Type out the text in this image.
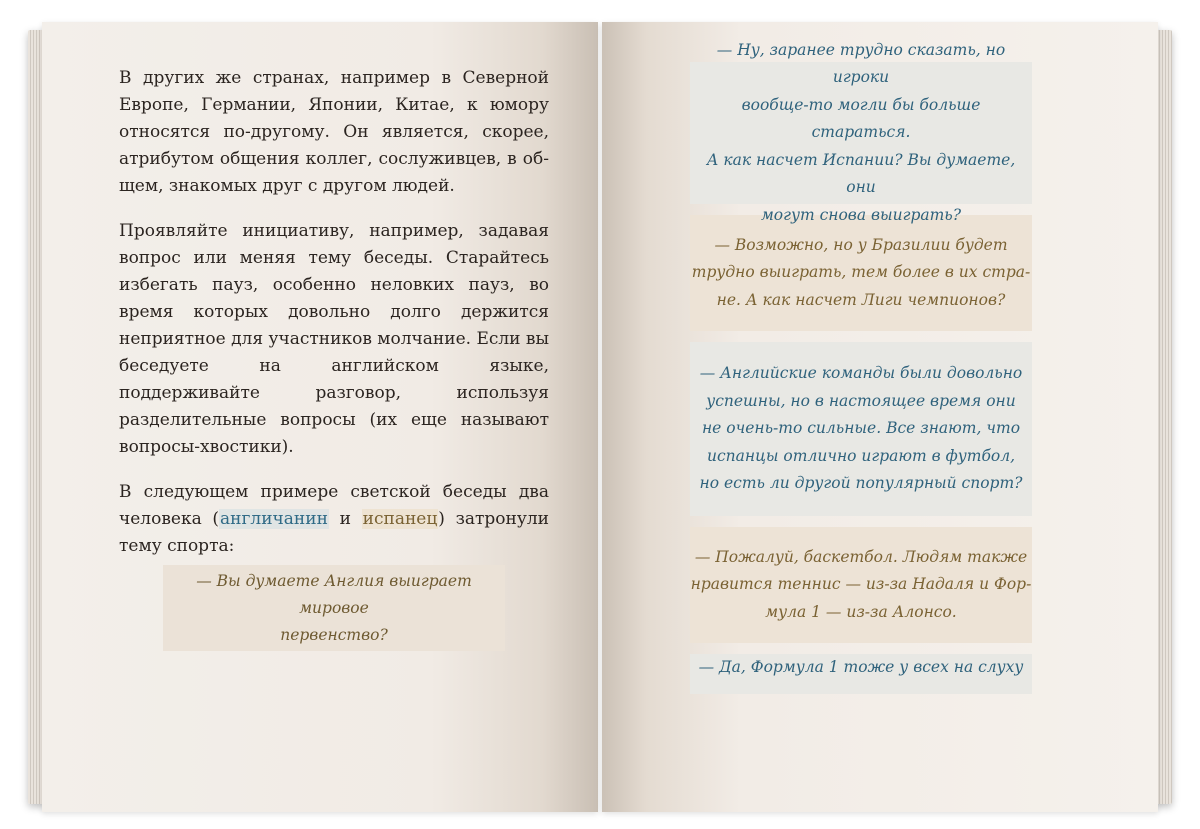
В других же странах, например в Северной Европе, Германии, Японии, Китае, к юмору относятся по-другому. Он является, скорее, атрибутом общения коллег, сослуживцев, в общем, знакомых друг с другом людей.

Проявляйте инициативу, например, задавая вопрос или меняя тему беседы. Старайтесь избегать пауз, особенно неловких пауз, во время которых довольно долго держится неприятное для участников молчание. Если вы беседуете на английском языке, поддерживайте разговор, используя разделительные вопросы (их еще называют вопросы-хвостики).

В следующем примере светской беседы два человека (англичанин и испанец) затронули тему спорта:

— Вы думаете Англия выиграет мировое
первенство?
— Ну, заранее трудно сказать, но игроки
вообще-то могли бы больше стараться.
А как насчет Испании? Вы думаете, они
могут снова выиграть?
— Возможно, но у Бразилии будет
трудно выиграть, тем более в их стра-
не. А как насчет Лиги чемпионов?
— Английские команды были довольно
успешны, но в настоящее время они
не очень-то сильные. Все знают, что
испанцы отлично играют в футбол,
но есть ли другой популярный спорт?
— Пожалуй, баскетбол. Людям также
нравится теннис — из-за Надаля и Фор-
мула 1 — из-за Алонсо.
— Да, Формула 1 тоже у всех на слуху
